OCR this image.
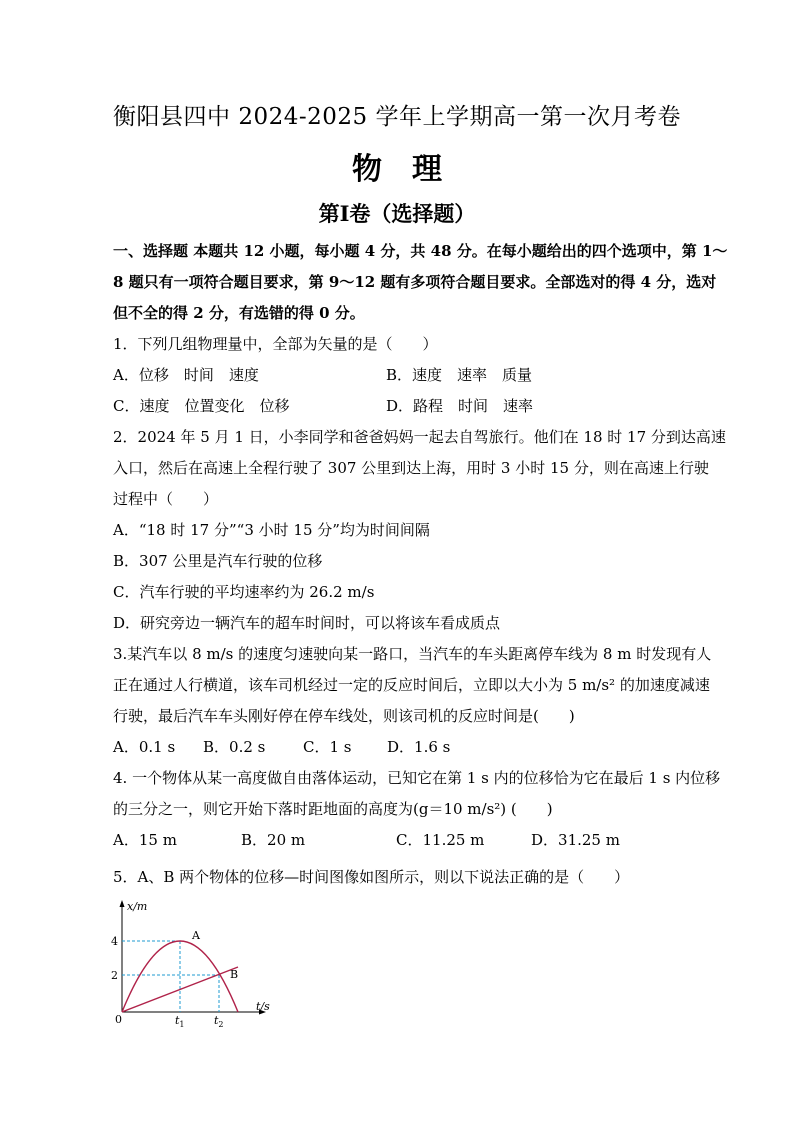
衡阳县四中 2024-2025 学年上学期高一第一次月考卷
物理
第Ⅰ卷（选择题）

一、选择题 本题共 12 小题，每小题 4 分，共 48 分。在每小题给出的四个选项中，第 1～

8 题只有一项符合题目要求，第 9～12 题有多项符合题目要求。全部选对的得 4 分，选对

但不全的得 2 分，有选错的得 0 分。

1．下列几组物理量中，全部为矢量的是（　　）

A．位移　时间　速度	B．速度　速率　质量
C．速度　位置变化　位移	D．路程　时间　速率

2．2024 年 5 月 1 日，小李同学和爸爸妈妈一起去自驾旅行。他们在 18 时 17 分到达高速

入口，然后在高速上全程行驶了 307 公里到达上海，用时 3 小时 15 分，则在高速上行驶

过程中（　　）

A．“18 时 17 分”“3 小时 15 分”均为时间间隔

B．307 公里是汽车行驶的位移

C．汽车行驶的平均速率约为 26.2 m/s

D．研究旁边一辆汽车的超车时间时，可以将该车看成质点

3.某汽车以 8 m/s 的速度匀速驶向某一路口，当汽车的车头距离停车线为 8 m 时发现有人

正在通过人行横道，该车司机经过一定的反应时间后，立即以大小为 5 m/s² 的加速度减速

行驶，最后汽车车头刚好停在停车线处，则该司机的反应时间是(　　)

A．0.1 s	B．0.2 s	C．1 s	D．1.6 s

4. 一个物体从某一高度做自由落体运动，已知它在第 1 s 内的位移恰为它在最后 1 s 内位移

的三分之一，则它开始下落时距地面的高度为(g＝10 m/s²) (　　)

A．15 m	B．20 m	C．11.25 m	D．31.25 m

5．A、B 两个物体的位移—时间图像如图所示，则以下说法正确的是（　　）

x/m
t/s
0
4
2
$t_1$	$t_2$
A
B
